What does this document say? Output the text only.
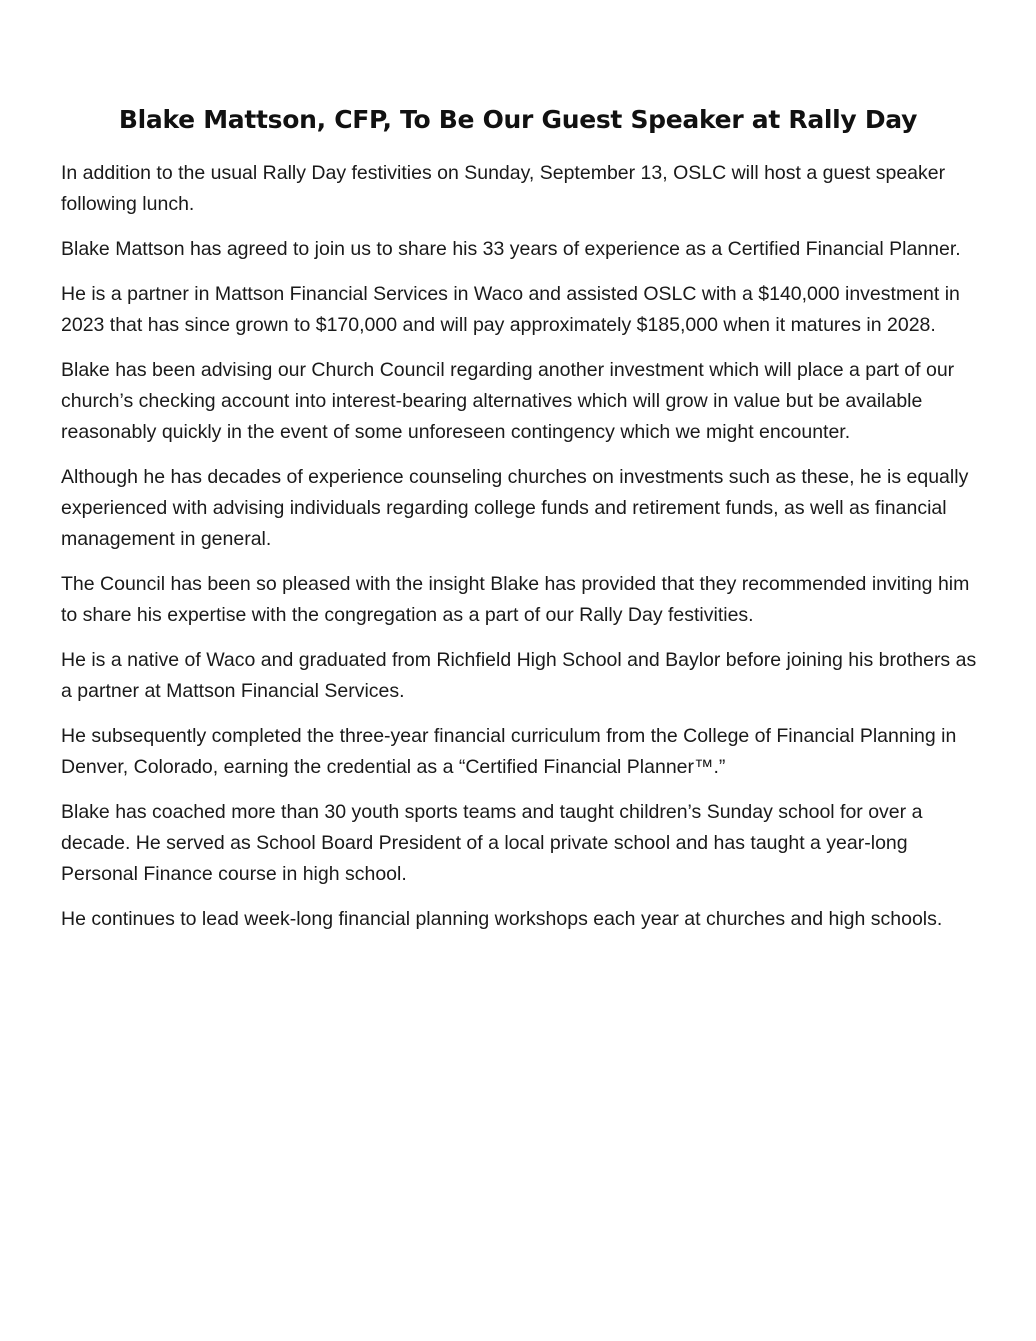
Blake Mattson, CFP, To Be Our Guest Speaker at Rally Day

In addition to the usual Rally Day festivities on Sunday, September 13, OSLC will host a guest speaker following lunch.

Blake Mattson has agreed to join us to share his 33 years of experience as a Certified Financial Planner.

He is a partner in Mattson Financial Services in Waco and assisted OSLC with a $140,000 investment in 2023 that has since grown to $170,000 and will pay approximately $185,000 when it matures in 2028.

Blake has been advising our Church Council regarding another investment which will place a part of our church’s checking account into interest-bearing alternatives which will grow in value but be available reasonably quickly in the event of some unforeseen contingency which we might encounter.

Although he has decades of experience counseling churches on investments such as these, he is equally experienced with advising individuals regarding college funds and retirement funds, as well as financial management in general.

The Council has been so pleased with the insight Blake has provided that they recommended inviting him to share his expertise with the congregation as a part of our Rally Day festivities.

He is a native of Waco and graduated from Richfield High School and Baylor before joining his brothers as a partner at Mattson Financial Services.

He subsequently completed the three-year financial curriculum from the College of Financial Planning in Denver, Colorado, earning the credential as a “Certified Financial Planner™.”

Blake has coached more than 30 youth sports teams and taught children’s Sunday school for over a decade. He served as School Board President of a local private school and has taught a year-long Personal Finance course in high school.

He continues to lead week-long financial planning workshops each year at churches and high schools.
